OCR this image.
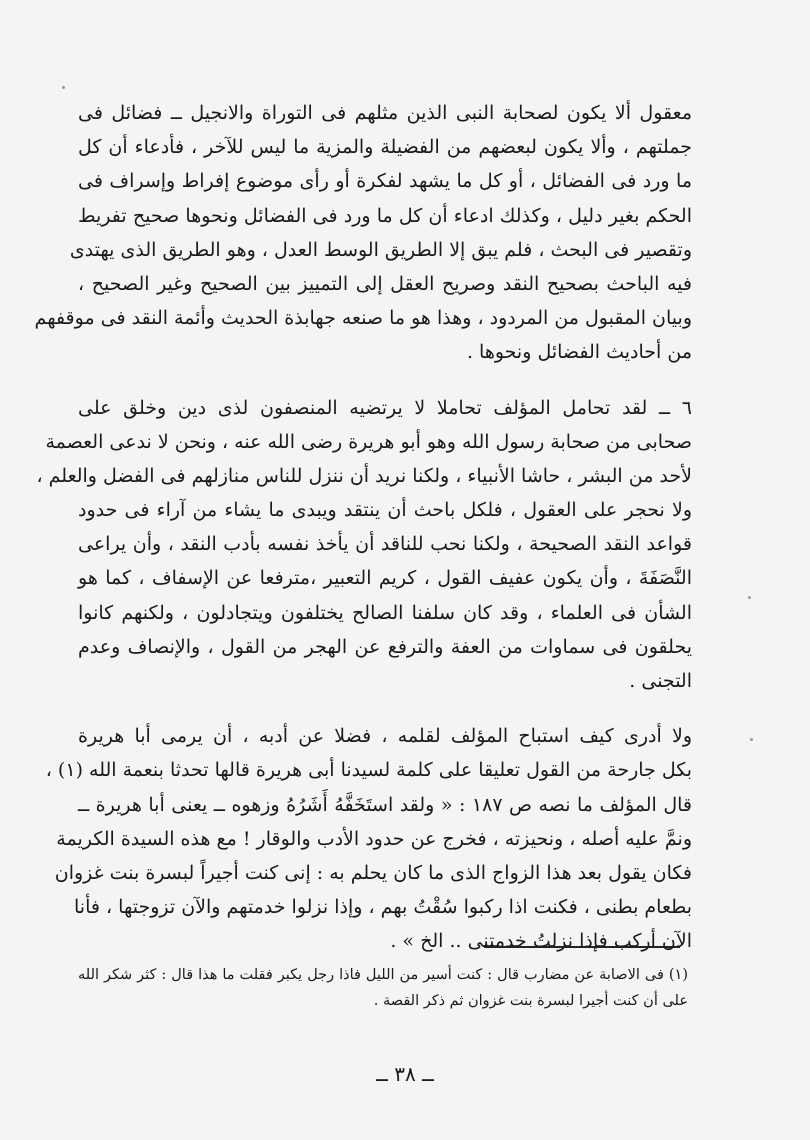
معقول ألا يكون لصحابة النبى الذين مثلهم فى التوراة والانجيل ــ فضائل فى
جملتهم ، وألا يكون لبعضهم من الفضيلة والمزية ما ليس للآخر ، فأدعاء أن كل
ما ورد فى الفضائل ، أو كل ما يشهد لفكرة أو رأى موضوع إفراط وإسراف فى
الحكم بغير دليل ، وكذلك ادعاء أن كل ما ورد فى الفضائل ونحوها صحيح تفريط
وتقصير فى البحث ، فلم يبق إلا الطريق الوسط العدل ، وهو الطريق الذى يهتدى
فيه الباحث بصحيح النقد وصريح العقل إلى التمييز بين الصحيح وغير الصحيح ،
وبيان المقبول من المردود ، وهذا هو ما صنعه جهابذة الحديث وأئمة النقد فى موقفهم
من أحاديث الفضائل ونحوها .
٦ ــ لقد تحامل المؤلف تحاملا لا يرتضيه المنصفون لذى دين وخلق على
صحابى من صحابة رسول الله وهو أبو هريرة رضى الله عنه ، ونحن لا ندعى العصمة
لأحد من البشر ، حاشا الأنبياء ، ولكنا نريد أن ننزل للناس منازلهم فى الفضل والعلم ،
ولا نحجر على العقول ، فلكل باحث أن ينتقد ويبدى ما يشاء من آراء فى حدود
قواعد النقد الصحيحة ، ولكنا نحب للناقد أن يأخذ نفسه بأدب النقد ، وأن يراعى
النَّصَفَةَ ، وأن يكون عفيف القول ، كريم التعبير ،مترفعا عن الإسفاف ، كما هو
الشأن فى العلماء ، وقد كان سلفنا الصالح يختلفون ويتجادلون ، ولكنهم كانوا
يحلقون فى سماوات من العفة والترفع عن الهجر من القول ، والإنصاف وعدم
التجنى .
ولا أدرى كيف استباح المؤلف لقلمه ، فضلا عن أدبه ، أن يرمى أبا هريرة
بكل جارحة من القول تعليقا على كلمة لسيدنا أبى هريرة قالها تحدثا بنعمة الله (١) ،
قال المؤلف ما نصه ص ١٨٧ : « ولقد استَخَفَّهُ أَشَرُهُ وزهوه ــ يعنى أبا هريرة ــ
ونمَّ عليه أصله ، ونحيزته ، فخرج عن حدود الأدب والوقار ! مع هذه السيدة الكريمة
فكان يقول بعد هذا الزواج الذى ما كان يحلم به : إنى كنت أجيراً لبسرة بنت غزوان
بطعام بطنى ، فكنت اذا ركبوا سُقْتُ بهم ، وإذا نزلوا خدمتهم والآن تزوجتها ، فأنا
الآن أركب فإذا نزلتُ خدمتنى .. الخ » .
(١) فى الاصابة عن مضارب قال : كنت أسير من الليل فاذا رجل يكبر فقلت ما هذا قال : كثر شكر الله
على أن كنت أجيرا لبسرة بنت غزوان ثم ذكر القصة .
ــ ٣٨ ــ
